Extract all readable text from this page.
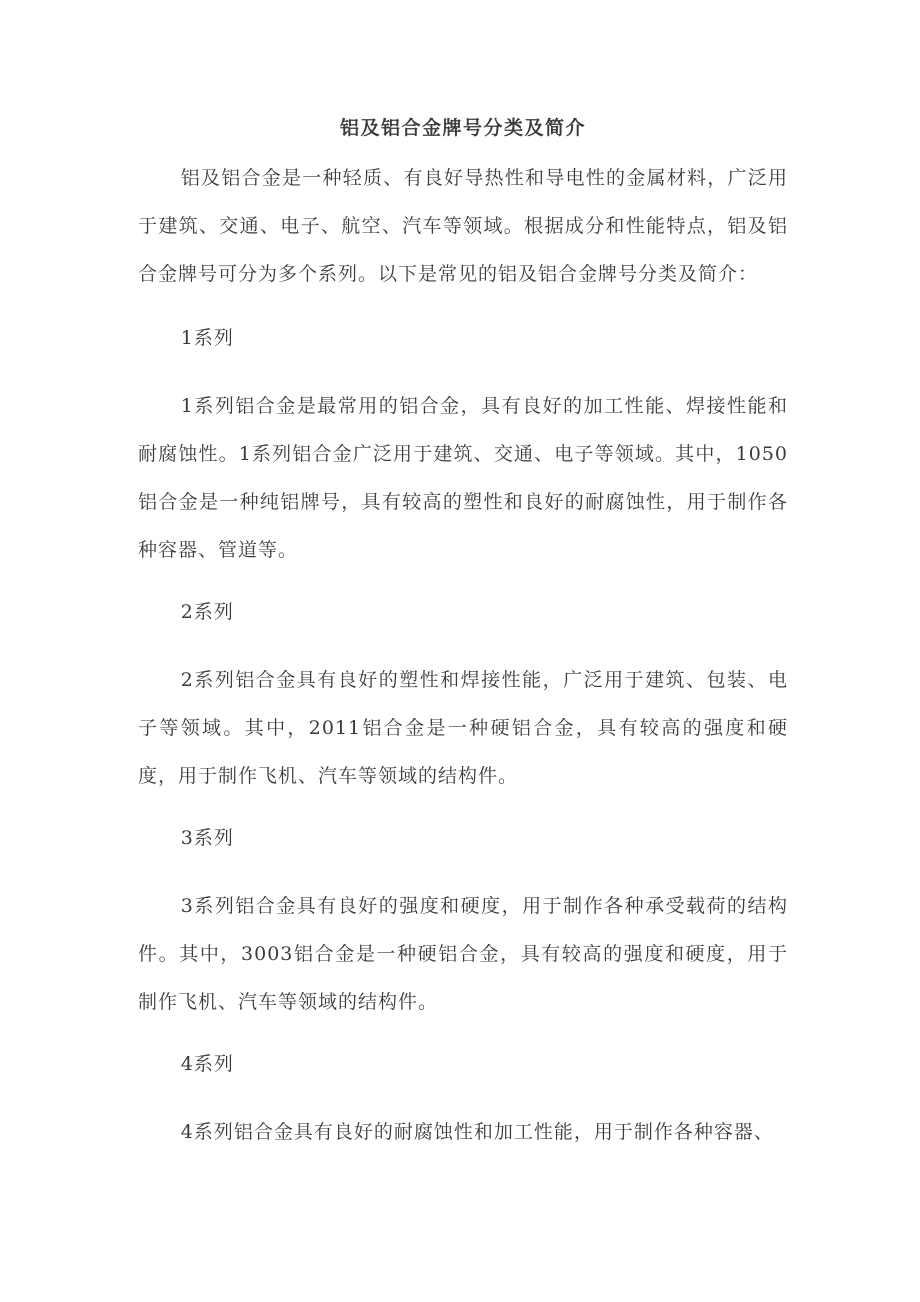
铝及铝合金牌号分类及简介

铝及铝合金是一种轻质、有良好导热性和导电性的金属材料，广泛用于建筑、交通、电子、航空、汽车等领域。根据成分和性能特点，铝及铝合金牌号可分为多个系列。以下是常见的铝及铝合金牌号分类及简介：

1系列

1系列铝合金是最常用的铝合金，具有良好的加工性能、焊接性能和耐腐蚀性。1系列铝合金广泛用于建筑、交通、电子等领域。其中，1050铝合金是一种纯铝牌号，具有较高的塑性和良好的耐腐蚀性，用于制作各种容器、管道等。

2系列

2系列铝合金具有良好的塑性和焊接性能，广泛用于建筑、包装、电子等领域。其中，2011铝合金是一种硬铝合金，具有较高的强度和硬度，用于制作飞机、汽车等领域的结构件。

3系列

3系列铝合金具有良好的强度和硬度，用于制作各种承受载荷的结构件。其中，3003铝合金是一种硬铝合金，具有较高的强度和硬度，用于制作飞机、汽车等领域的结构件。

4系列

4系列铝合金具有良好的耐腐蚀性和加工性能，用于制作各种容器、
